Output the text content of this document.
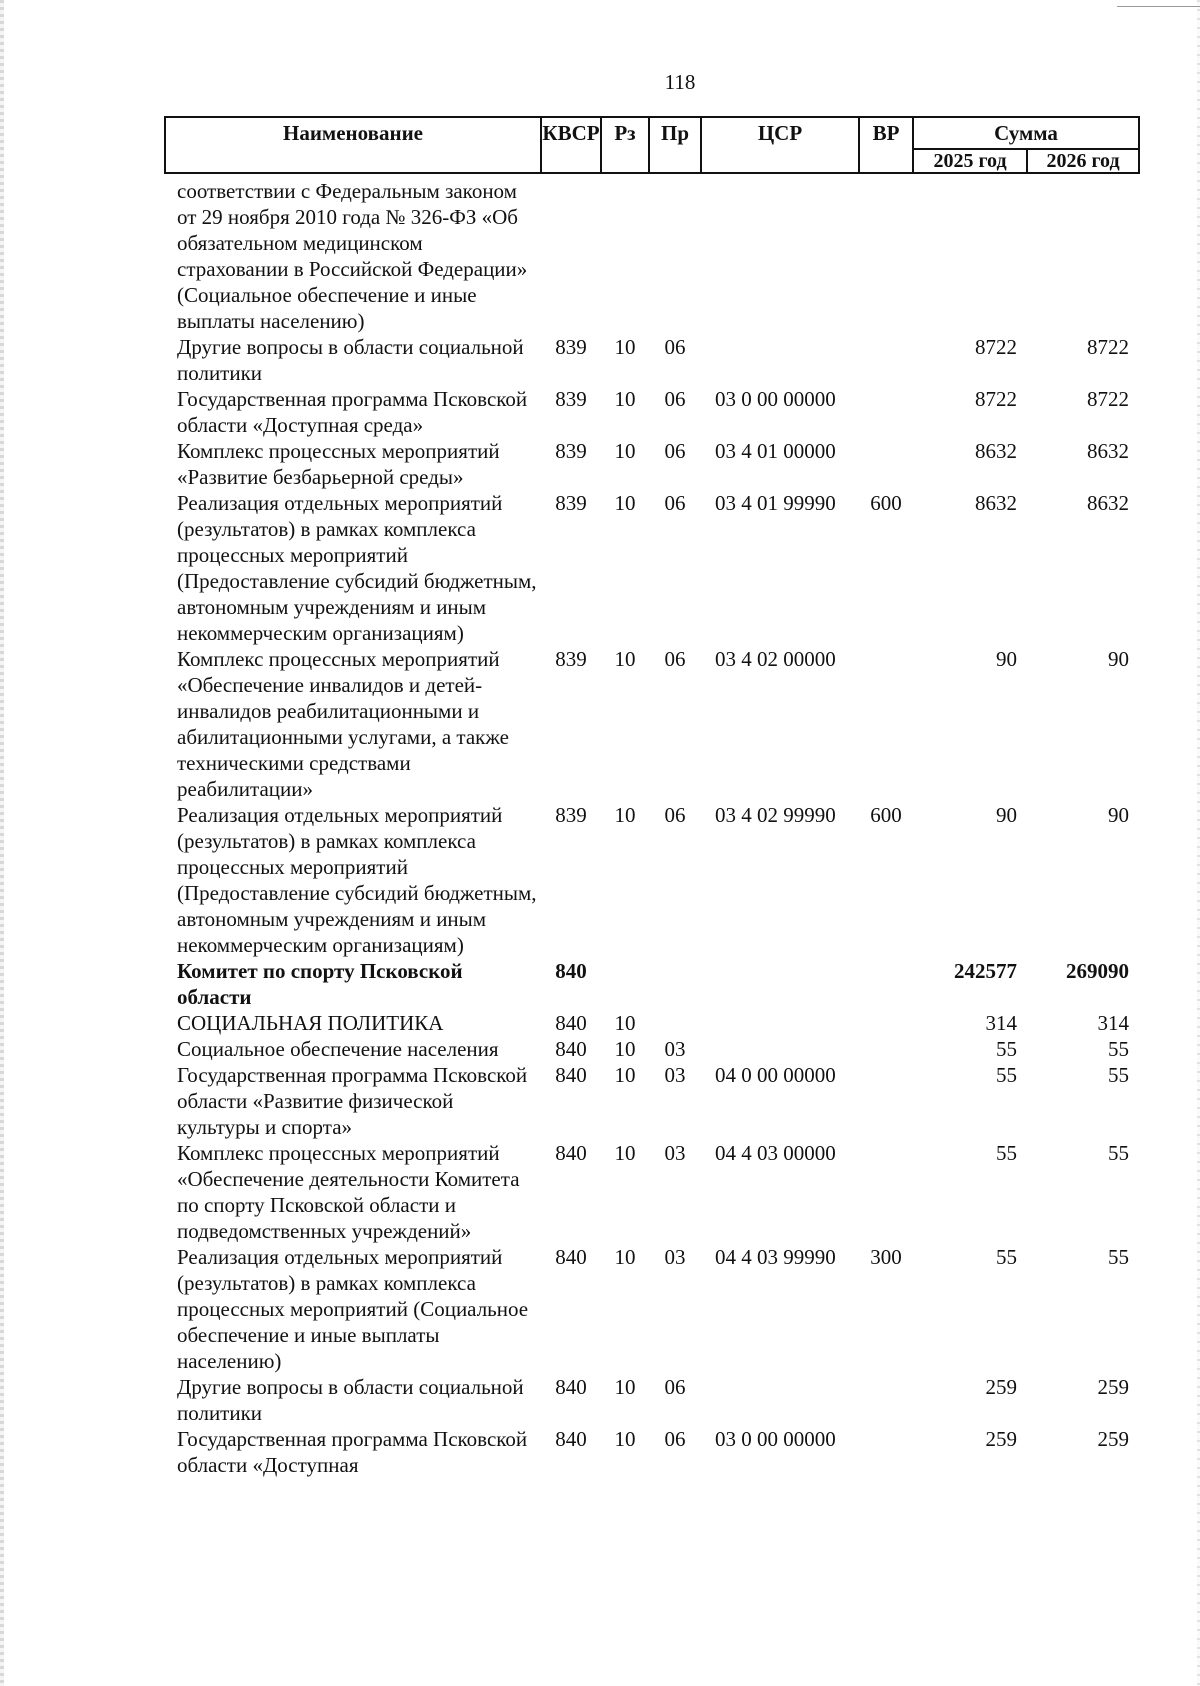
118
Наименование	КВСР	Рз	Пр	ЦСР	ВР	Сумма	
						2025 год	2026 год
соответствии с Федеральным законом от 29 ноября 2010 года № 326-ФЗ «Об обязательном медицинском страховании в Российской Федерации» (Социальное обеспечение и иные выплаты населению)							
Другие вопросы в области социальной политики	839	10	06			8722	8722
Государственная программа Псковской области «Доступная среда»	839	10	06	03 0 00 00000		8722	8722
Комплекс процессных мероприятий «Развитие безбарьерной среды»	839	10	06	03 4 01 00000		8632	8632
Реализация отдельных мероприятий (результатов) в рамках комплекса процессных мероприятий (Предоставление субсидий бюджетным, автономным учреждениям и иным некоммерческим организациям)	839	10	06	03 4 01 99990	600	8632	8632
Комплекс процессных мероприятий «Обеспечение инвалидов и детей-инвалидов реабилитационными и абилитационными услугами, а также техническими средствами реабилитации»	839	10	06	03 4 02 00000		90	90
Реализация отдельных мероприятий (результатов) в рамках комплекса процессных мероприятий (Предоставление субсидий бюджетным, автономным учреждениям и иным некоммерческим организациям)	839	10	06	03 4 02 99990	600	90	90
Комитет по спорту Псковской области	840					242577	269090
СОЦИАЛЬНАЯ ПОЛИТИКА	840	10				314	314
Социальное обеспечение населения	840	10	03			55	55
Государственная программа Псковской области «Развитие физической культуры и спорта»	840	10	03	04 0 00 00000		55	55
Комплекс процессных мероприятий «Обеспечение деятельности Комитета по спорту Псковской области и подведомственных учреждений»	840	10	03	04 4 03 00000		55	55
Реализация отдельных мероприятий (результатов) в рамках комплекса процессных мероприятий (Социальное обеспечение и иные выплаты населению)	840	10	03	04 4 03 99990	300	55	55
Другие вопросы в области социальной политики	840	10	06			259	259
Государственная программа Псковской области «Доступная	840	10	06	03 0 00 00000		259	259
